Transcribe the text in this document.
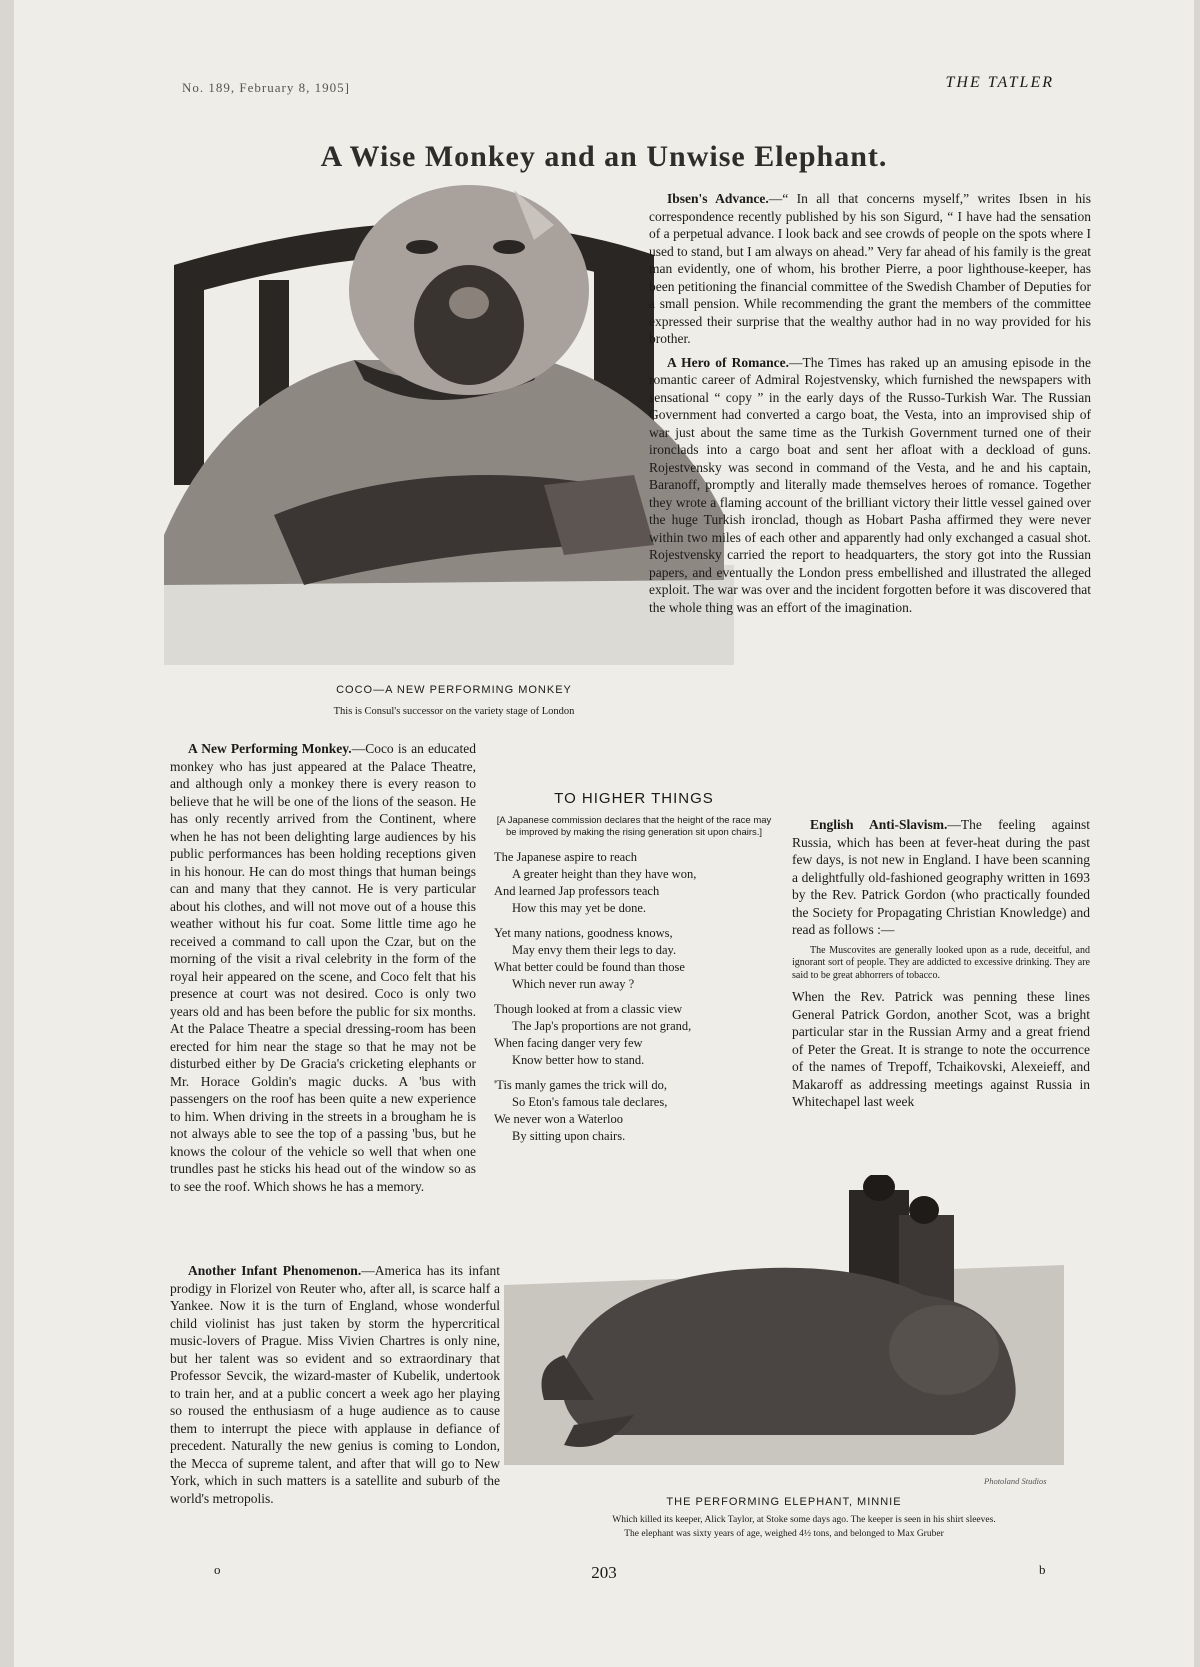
No. 189, February 8, 1905]	THE TATLER
A Wise Monkey and an Unwise Elephant.
COCO—A NEW PERFORMING MONKEY
This is Consul's successor on the variety stage of London

Ibsen's Advance.—“ In all that concerns myself,” writes Ibsen in his correspondence recently published by his son Sigurd, “ I have had the sensation of a perpetual advance. I look back and see crowds of people on the spots where I used to stand, but I am always on ahead.” Very far ahead of his family is the great man evidently, one of whom, his brother Pierre, a poor lighthouse-keeper, has been petitioning the financial committee of the Swedish Chamber of Deputies for a small pension. While recommending the grant the members of the committee expressed their surprise that the wealthy author had in no way provided for his brother.

A Hero of Romance.—The Times has raked up an amusing episode in the romantic career of Admiral Rojestvensky, which furnished the newspapers with sensational “ copy ” in the early days of the Russo-Turkish War. The Russian Government had converted a cargo boat, the Vesta, into an improvised ship of war just about the same time as the Turkish Government turned one of their ironclads into a cargo boat and sent her afloat with a deckload of guns. Rojestvensky was second in command of the Vesta, and he and his captain, Baranoff, promptly and literally made themselves heroes of romance. Together they wrote a flaming account of the brilliant victory their little vessel gained over the huge Turkish ironclad, though as Hobart Pasha affirmed they were never within two miles of each other and apparently had only exchanged a casual shot. Rojestvensky carried the report to headquarters, the story got into the Russian papers, and eventually the London press embellished and illustrated the alleged exploit. The war was over and the incident forgotten before it was discovered that the whole thing was an effort of the imagination.

A New Performing Monkey.—Coco is an educated monkey who has just appeared at the Palace Theatre, and although only a monkey there is every reason to believe that he will be one of the lions of the season. He has only recently arrived from the Continent, where when he has not been delighting large audiences by his public performances has been holding receptions given in his honour. He can do most things that human beings can and many that they cannot. He is very particular about his clothes, and will not move out of a house this weather without his fur coat. Some little time ago he received a command to call upon the Czar, but on the morning of the visit a rival celebrity in the form of the royal heir appeared on the scene, and Coco felt that his presence at court was not desired. Coco is only two years old and has been before the public for six months. At the Palace Theatre a special dressing-room has been erected for him near the stage so that he may not be disturbed either by De Gracia's cricketing elephants or Mr. Horace Goldin's magic ducks. A 'bus with passengers on the roof has been quite a new experience to him. When driving in the streets in a brougham he is not always able to see the top of a passing 'bus, but he knows the colour of the vehicle so well that when one trundles past he sticks his head out of the window so as to see the roof. Which shows he has a memory.

TO HIGHER THINGS
[A Japanese commission declares that the height of the race may be improved by making the rising generation sit upon chairs.]
The Japanese aspire to reach
A greater height than they have won,
And learned Jap professors teach
How this may yet be done.
Yet many nations, goodness knows,
May envy them their legs to day.
What better could be found than those
Which never run away ?
Though looked at from a classic view
The Jap's proportions are not grand,
When facing danger very few
Know better how to stand.
'Tis manly games the trick will do,
So Eton's famous tale declares,
We never won a Waterloo
By sitting upon chairs.

English Anti-Slavism.—The feeling against Russia, which has been at fever-heat during the past few days, is not new in England. I have been scanning a delightfully old-fashioned geography written in 1693 by the Rev. Patrick Gordon (who practically founded the Society for Propagating Christian Knowledge) and read as follows :—

The Muscovites are generally looked upon as a rude, deceitful, and ignorant sort of people. They are addicted to excessive drinking. They are said to be great abhorrers of tobacco.

When the Rev. Patrick was penning these lines General Patrick Gordon, another Scot, was a bright particular star in the Russian Army and a great friend of Peter the Great. It is strange to note the occurrence of the names of Trepoff, Tchaikovski, Alexeieff, and Makaroff as addressing meetings against Russia in Whitechapel last week

Another Infant Phenomenon.—America has its infant prodigy in Florizel von Reuter who, after all, is scarce half a Yankee. Now it is the turn of England, whose wonderful child violinist has just taken by storm the hypercritical music-lovers of Prague. Miss Vivien Chartres is only nine, but her talent was so evident and so extraordinary that Professor Sevcik, the wizard-master of Kubelik, undertook to train her, and at a public concert a week ago her playing so roused the enthusiasm of a huge audience as to cause them to interrupt the piece with applause in defiance of precedent. Naturally the new genius is coming to London, the Mecca of supreme talent, and after that will go to New York, which in such matters is a satellite and suburb of the world's metropolis.

Photoland Studios
THE PERFORMING ELEPHANT, MINNIE
Which killed its keeper, Alick Taylor, at Stoke some days ago. The keeper is seen in his shirt sleeves.
The elephant was sixty years of age, weighed 4½ tons, and belonged to Max Gruber
o	203	b
